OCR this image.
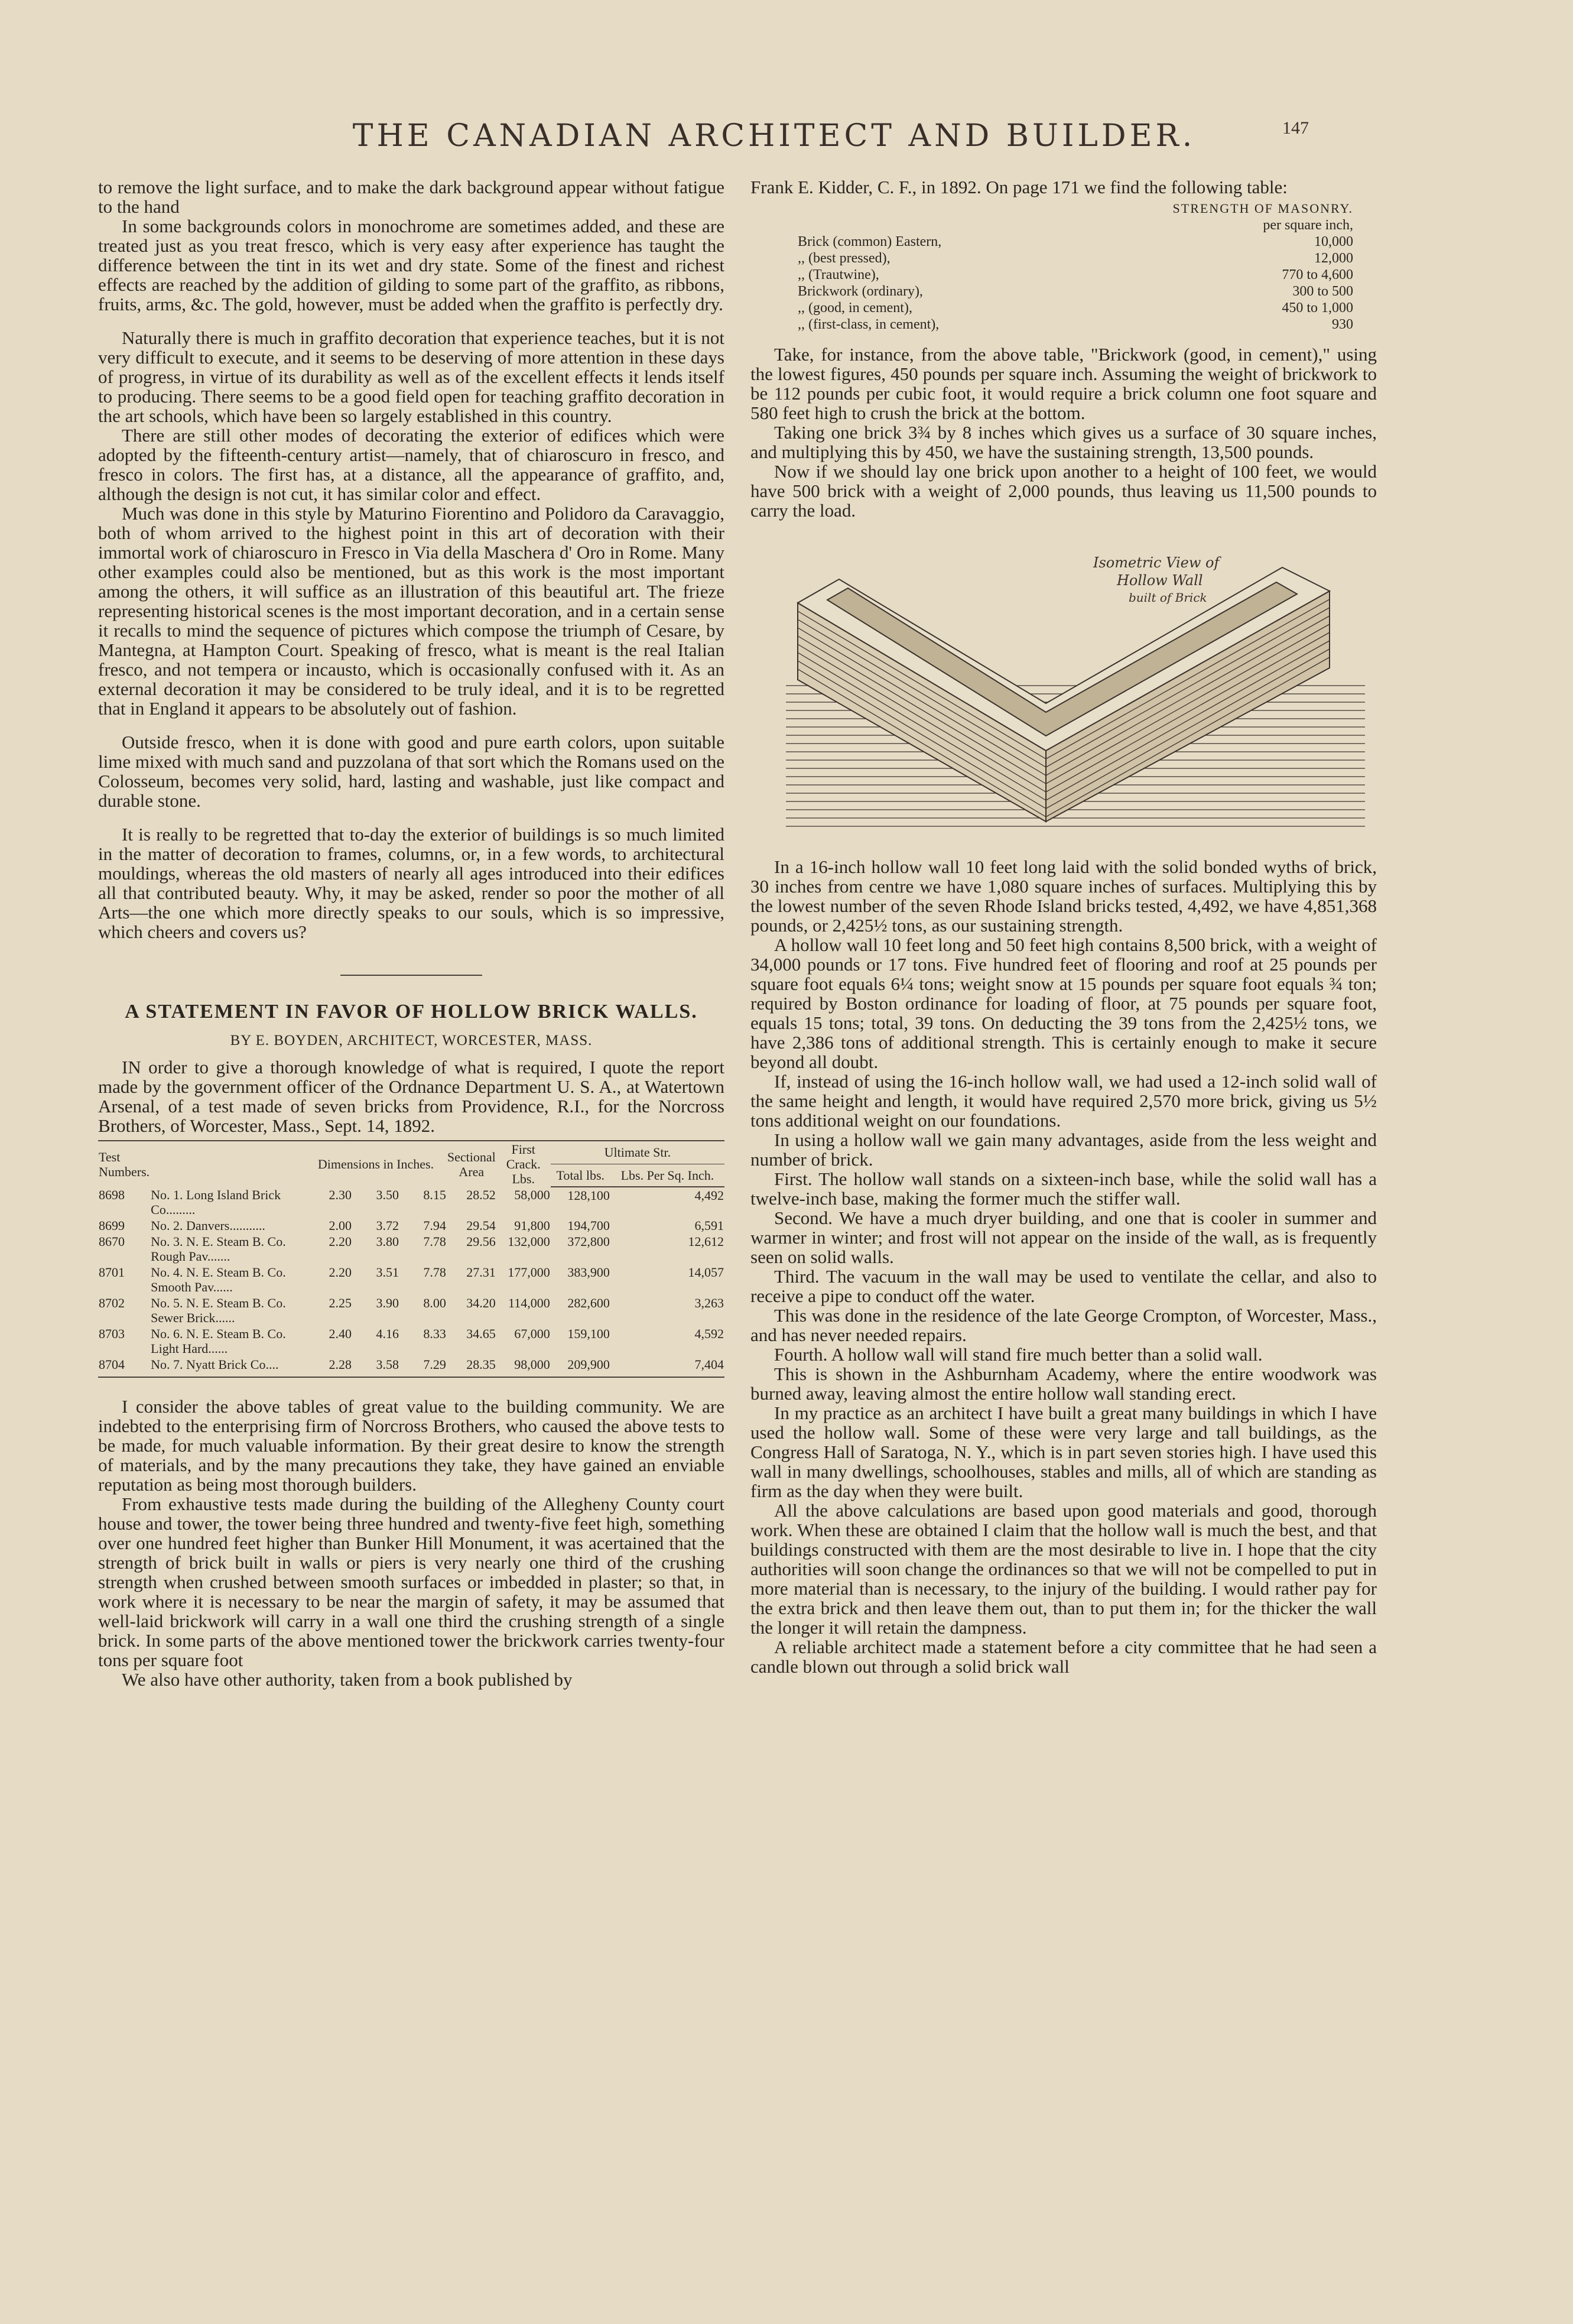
THE CANADIAN ARCHITECT AND BUILDER.	147

to remove the light surface, and to make the dark background appear without fatigue to the hand

In some backgrounds colors in monochrome are sometimes added, and these are treated just as you treat fresco, which is very easy after experience has taught the difference between the tint in its wet and dry state. Some of the finest and richest effects are reached by the addition of gilding to some part of the graffito, as ribbons, fruits, arms, &c. The gold, however, must be added when the graffito is perfectly dry.

Naturally there is much in graffito decoration that experience teaches, but it is not very difficult to execute, and it seems to be deserving of more attention in these days of progress, in virtue of its durability as well as of the excellent effects it lends itself to producing. There seems to be a good field open for teaching graffito decoration in the art schools, which have been so largely established in this country.

There are still other modes of decorating the exterior of edifices which were adopted by the fifteenth-century artist—namely, that of chiaroscuro in fresco, and fresco in colors. The first has, at a distance, all the appearance of graffito, and, although the design is not cut, it has similar color and effect.

Much was done in this style by Maturino Fiorentino and Polidoro da Caravaggio, both of whom arrived to the highest point in this art of decoration with their immortal work of chiaroscuro in Fresco in Via della Maschera d' Oro in Rome. Many other examples could also be mentioned, but as this work is the most important among the others, it will suffice as an illustration of this beautiful art. The frieze representing historical scenes is the most important decoration, and in a certain sense it recalls to mind the sequence of pictures which compose the triumph of Cesare, by Mantegna, at Hampton Court. Speaking of fresco, what is meant is the real Italian fresco, and not tempera or incausto, which is occasionally confused with it. As an external decoration it may be considered to be truly ideal, and it is to be regretted that in England it appears to be absolutely out of fashion.

Outside fresco, when it is done with good and pure earth colors, upon suitable lime mixed with much sand and puzzolana of that sort which the Romans used on the Colosseum, becomes very solid, hard, lasting and washable, just like compact and durable stone.

It is really to be regretted that to-day the exterior of buildings is so much limited in the matter of decoration to frames, columns, or, in a few words, to architectural mouldings, whereas the old masters of nearly all ages introduced into their edifices all that contributed beauty. Why, it may be asked, render so poor the mother of all Arts—the one which more directly speaks to our souls, which is so impressive, which cheers and covers us?

A STATEMENT IN FAVOR OF HOLLOW BRICK WALLS.
BY E. BOYDEN, ARCHITECT, WORCESTER, MASS.

IN order to give a thorough knowledge of what is required, I quote the report made by the government officer of the Ordnance Department U. S. A., at Watertown Arsenal, of a test made of seven bricks from Providence, R.I., for the Norcross Brothers, of Worcester, Mass., Sept. 14, 1892.

Test Numbers.		Dimensions in Inches.			Sectional Area	First Crack. Lbs.	Ultimate Str.	
							Total lbs.	Lbs. Per Sq. Inch.
8698	No. 1. Long Island Brick Co.........	2.30	3.50	8.15	28.52	58,000	128,100	4,492
8699	No. 2. Danvers...........	2.00	3.72	7.94	29.54	91,800	194,700	6,591
8670	No. 3. N. E. Steam B. Co. Rough Pav.......	2.20	3.80	7.78	29.56	132,000	372,800	12,612
8701	No. 4. N. E. Steam B. Co. Smooth Pav......	2.20	3.51	7.78	27.31	177,000	383,900	14,057
8702	No. 5. N. E. Steam B. Co. Sewer Brick......	2.25	3.90	8.00	34.20	114,000	282,600	3,263
8703	No. 6. N. E. Steam B. Co. Light Hard......	2.40	4.16	8.33	34.65	67,000	159,100	4,592
8704	No. 7. Nyatt Brick Co....	2.28	3.58	7.29	28.35	98,000	209,900	7,404

I consider the above tables of great value to the building community. We are indebted to the enterprising firm of Norcross Brothers, who caused the above tests to be made, for much valuable information. By their great desire to know the strength of materials, and by the many precautions they take, they have gained an enviable reputation as being most thorough builders.

From exhaustive tests made during the building of the Allegheny County court house and tower, the tower being three hundred and twenty-five feet high, something over one hundred feet higher than Bunker Hill Monument, it was acertained that the strength of brick built in walls or piers is very nearly one third of the crushing strength when crushed between smooth surfaces or imbedded in plaster; so that, in work where it is necessary to be near the margin of safety, it may be assumed that well-laid brickwork will carry in a wall one third the crushing strength of a single brick. In some parts of the above mentioned tower the brickwork carries twenty-four tons per square foot

We also have other authority, taken from a book published by

Frank E. Kidder, C. F., in 1892. On page 171 we find the following table:

	STRENGTH OF MASONRY.
	per square inch,
Brick (common) Eastern,	10,000
,, (best pressed),	12,000
,, (Trautwine),	770 to 4,600
Brickwork (ordinary),	300 to 500
,, (good, in cement),	450 to 1,000
,, (first-class, in cement),	930

Take, for instance, from the above table, "Brickwork (good, in cement)," using the lowest figures, 450 pounds per square inch. Assuming the weight of brickwork to be 112 pounds per cubic foot, it would require a brick column one foot square and 580 feet high to crush the brick at the bottom.

Taking one brick 3¾ by 8 inches which gives us a surface of 30 square inches, and multiplying this by 450, we have the sustaining strength, 13,500 pounds.

Now if we should lay one brick upon another to a height of 100 feet, we would have 500 brick with a weight of 2,000 pounds, thus leaving us 11,500 pounds to carry the load.

Isometric View of
Hollow Wall
built of Brick

In a 16-inch hollow wall 10 feet long laid with the solid bonded wyths of brick, 30 inches from centre we have 1,080 square inches of surfaces. Multiplying this by the lowest number of the seven Rhode Island bricks tested, 4,492, we have 4,851,368 pounds, or 2,425½ tons, as our sustaining strength.

A hollow wall 10 feet long and 50 feet high contains 8,500 brick, with a weight of 34,000 pounds or 17 tons. Five hundred feet of flooring and roof at 25 pounds per square foot equals 6¼ tons; weight snow at 15 pounds per square foot equals ¾ ton; required by Boston ordinance for loading of floor, at 75 pounds per square foot, equals 15 tons; total, 39 tons. On deducting the 39 tons from the 2,425½ tons, we have 2,386 tons of additional strength. This is certainly enough to make it secure beyond all doubt.

If, instead of using the 16-inch hollow wall, we had used a 12-inch solid wall of the same height and length, it would have required 2,570 more brick, giving us 5½ tons additional weight on our foundations.

In using a hollow wall we gain many advantages, aside from the less weight and number of brick.

First. The hollow wall stands on a sixteen-inch base, while the solid wall has a twelve-inch base, making the former much the stiffer wall.

Second. We have a much dryer building, and one that is cooler in summer and warmer in winter; and frost will not appear on the inside of the wall, as is frequently seen on solid walls.

Third. The vacuum in the wall may be used to ventilate the cellar, and also to receive a pipe to conduct off the water.

This was done in the residence of the late George Crompton, of Worcester, Mass., and has never needed repairs.

Fourth. A hollow wall will stand fire much better than a solid wall.

This is shown in the Ashburnham Academy, where the entire woodwork was burned away, leaving almost the entire hollow wall standing erect.

In my practice as an architect I have built a great many buildings in which I have used the hollow wall. Some of these were very large and tall buildings, as the Congress Hall of Saratoga, N. Y., which is in part seven stories high. I have used this wall in many dwellings, schoolhouses, stables and mills, all of which are standing as firm as the day when they were built.

All the above calculations are based upon good materials and good, thorough work. When these are obtained I claim that the hollow wall is much the best, and that buildings constructed with them are the most desirable to live in. I hope that the city authorities will soon change the ordinances so that we will not be compelled to put in more material than is necessary, to the injury of the building. I would rather pay for the extra brick and then leave them out, than to put them in; for the thicker the wall the longer it will retain the dampness.

A reliable architect made a statement before a city committee that he had seen a candle blown out through a solid brick wall
